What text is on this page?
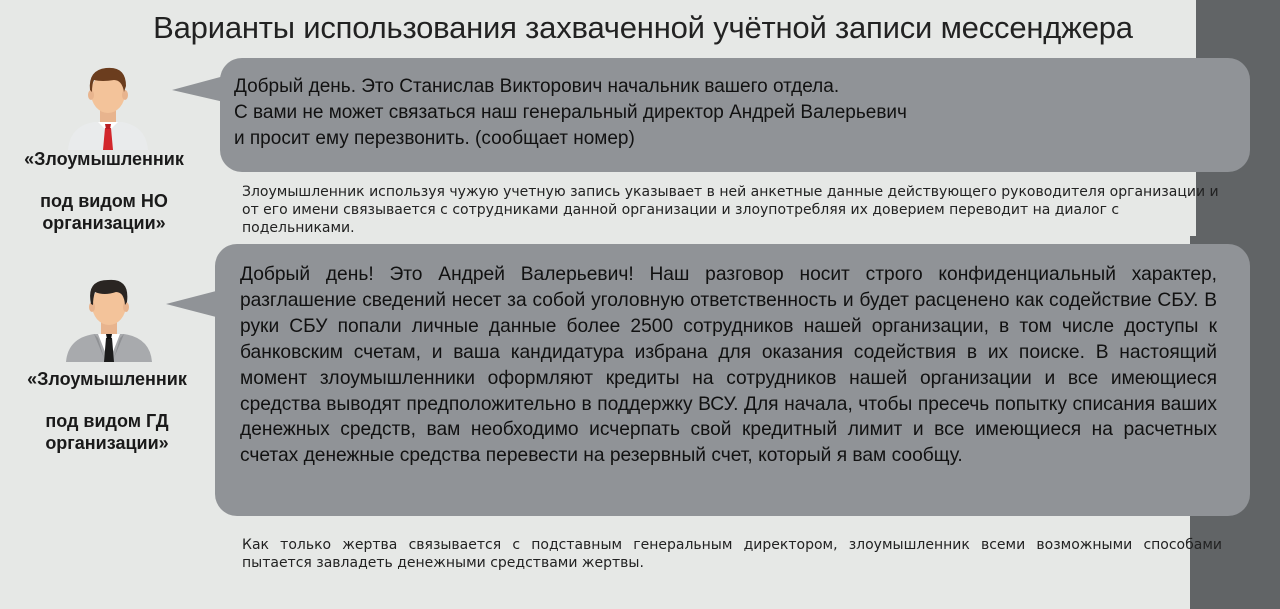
Варианты использования захваченной учётной записи мессенджера
«Злоумышленник
под видом НО организации»
Добрый день. Это Станислав Викторович начальник вашего отдела.
С вами не может связаться наш генеральный директор Андрей Валерьевич
и просит ему перезвонить. (сообщает номер)
Злоумышленник используя чужую учетную запись указывает в ней анкетные данные действующего руководителя организации и от его имени связывается с сотрудниками данной организации и злоупотребляя их доверием переводит на диалог с подельниками.
«Злоумышленник
под видом ГД организации»
Добрый день! Это Андрей Валерьевич! Наш разговор носит строго конфиденциальный характер, разглашение сведений несет за собой уголовную ответственность и будет расценено как содействие СБУ. В руки СБУ попали личные данные более 2500 сотрудников нашей организации, в том числе доступы к банковским счетам, и ваша кандидатура избрана для оказания содействия в их поиске. В настоящий момент злоумышленники оформляют кредиты на сотрудников нашей организации и все имеющиеся средства выводят предположительно в поддержку ВСУ. Для начала, чтобы пресечь попытку списания ваших денежных средств, вам необходимо исчерпать свой кредитный лимит и все имеющиеся на расчетных счетах денежные средства перевести на резервный счет, который я вам сообщу.
Как только жертва связывается с подставным генеральным директором, злоумышленник всеми возможными способами пытается завладеть денежными средствами жертвы.
